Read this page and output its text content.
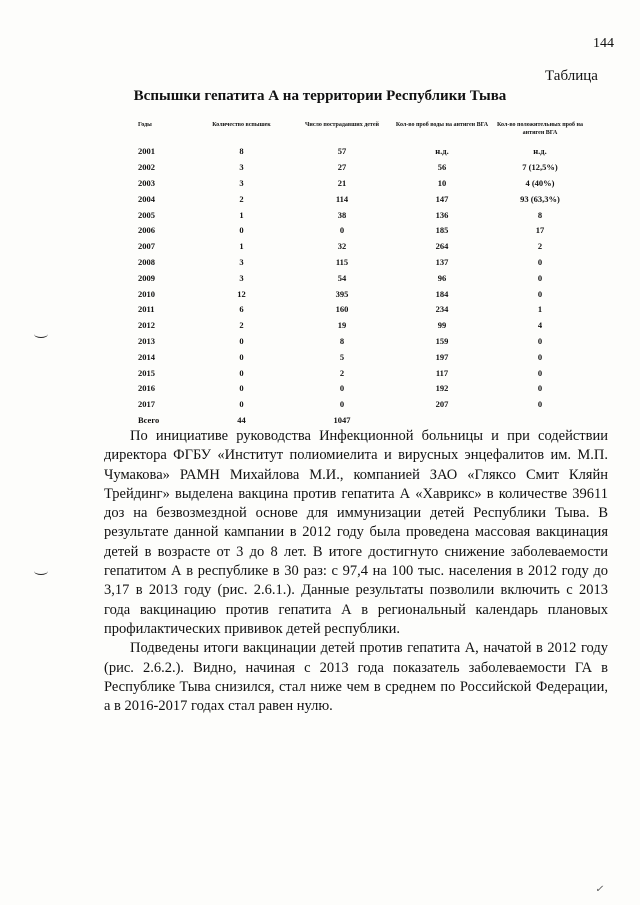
144
Таблица
Вспышки гепатита А на территории Республики Тыва
Годы	Количество вспышек	Число пострадавших детей	Кол-во проб воды на антиген ВГА	Кол-во положительных проб на антиген ВГА
2001	8	57	н.д.	н.д.
2002	3	27	56	7 (12,5%)
2003	3	21	10	4 (40%)
2004	2	114	147	93 (63,3%)
2005	1	38	136	8
2006	0	0	185	17
2007	1	32	264	2
2008	3	115	137	0
2009	3	54	96	0
2010	12	395	184	0
2011	6	160	234	1
2012	2	19	99	4
2013	0	8	159	0
2014	0	5	197	0
2015	0	2	117	0
2016	0	0	192	0
2017	0	0	207	0
Всего	44	1047		

По инициативе руководства Инфекционной больницы и при содействии директора ФГБУ «Институт полиомиелита и вирусных энцефалитов им. М.П. Чумакова» РАМН Михайлова М.И., компанией ЗАО «Гляксо Смит Кляйн Трейдинг» выделена вакцина против гепатита А «Хаврикс» в количестве 39611 доз на безвозмездной основе для иммунизации детей Республики Тыва. В результате данной кампании в 2012 году была проведена массовая вакцинация детей в возрасте от 3 до 8 лет. В итоге достигнуто снижение заболеваемости гепатитом А в республике в 30 раз: с 97,4 на 100 тыс. населения в 2012 году до 3,17 в 2013 году (рис. 2.6.1.). Данные результаты позволили включить с 2013 года вакцинацию против гепатита А в региональный календарь плановых профилактических прививок детей республики.

Подведены итоги вакцинации детей против гепатита А, начатой в 2012 году (рис. 2.6.2.). Видно, начиная с 2013 года показатель заболеваемости ГА в Республике Тыва снизился, стал ниже чем в среднем по Российской Федерации, а в 2016-2017 годах стал равен нулю.

✓
